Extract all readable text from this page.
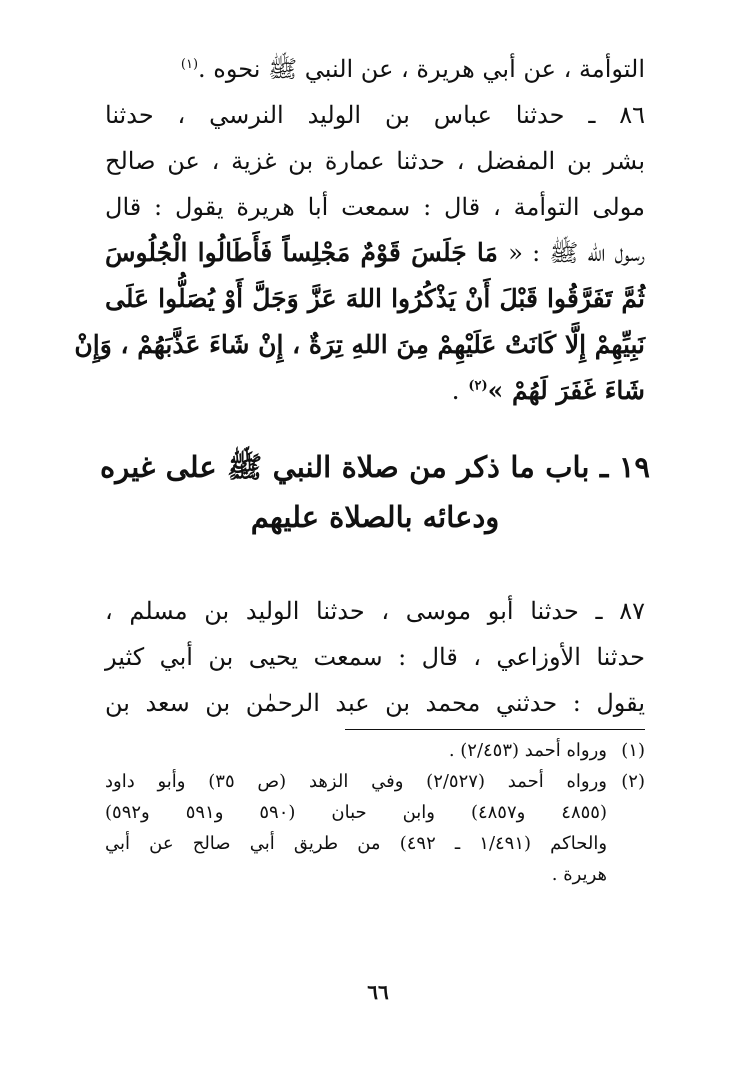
التوأمة ، عن أبي هريرة ، عن النبي ﷺ نحوه .$^{(١)}$
٨٦ ـ حدثنا عباس بن الوليد النرسي ، حدثنا
بشر بن المفضل ، حدثنا عمارة بن غزية ، عن صالح
مولى التوأمة ، قال : سمعت أبا هريرة يقول : قال
رسول الله ﷺ : « مَا جَلَسَ قَوْمٌ مَجْلِساً فَأَطَالُوا الْجُلُوسَ
ثُمَّ تَفَرَّقُوا قَبْلَ أَنْ يَذْكُرُوا اللهَ عَزَّ وَجَلَّ أَوْ يُصَلُّوا عَلَى
نَبِيِّهِمْ إِلَّا كَانَتْ عَلَيْهِمْ مِنَ اللهِ تِرَةٌ ، إِنْ شَاءَ عَذَّبَهُمْ ، وَإِنْ
شَاءَ غَفَرَ لَهُمْ »$^{(٢)}$ .
١٩ ـ باب ما ذكر من صلاة النبي ﷺ على غيره
ودعائه بالصلاة عليهم
٨٧ ـ حدثنا أبو موسى ، حدثنا الوليد بن مسلم ،
حدثنا الأوزاعي ، قال : سمعت يحيى بن أبي كثير
يقول : حدثني محمد بن عبد الرحمٰن بن سعد بن
(١)
ورواه أحمد (٢/٤٥٣) .
(٢)
ورواه أحمد (٢/٥٢٧) وفي الزهد (ص ٣٥) وأبو داود
(٤٨٥٥ و٤٨٥٧) وابن حبان (٥٩٠ و٥٩١ و٥٩٢)
والحاكم (١/٤٩١ ـ ٤٩٢) من طريق أبي صالح عن أبي
هريرة .
٦٦
